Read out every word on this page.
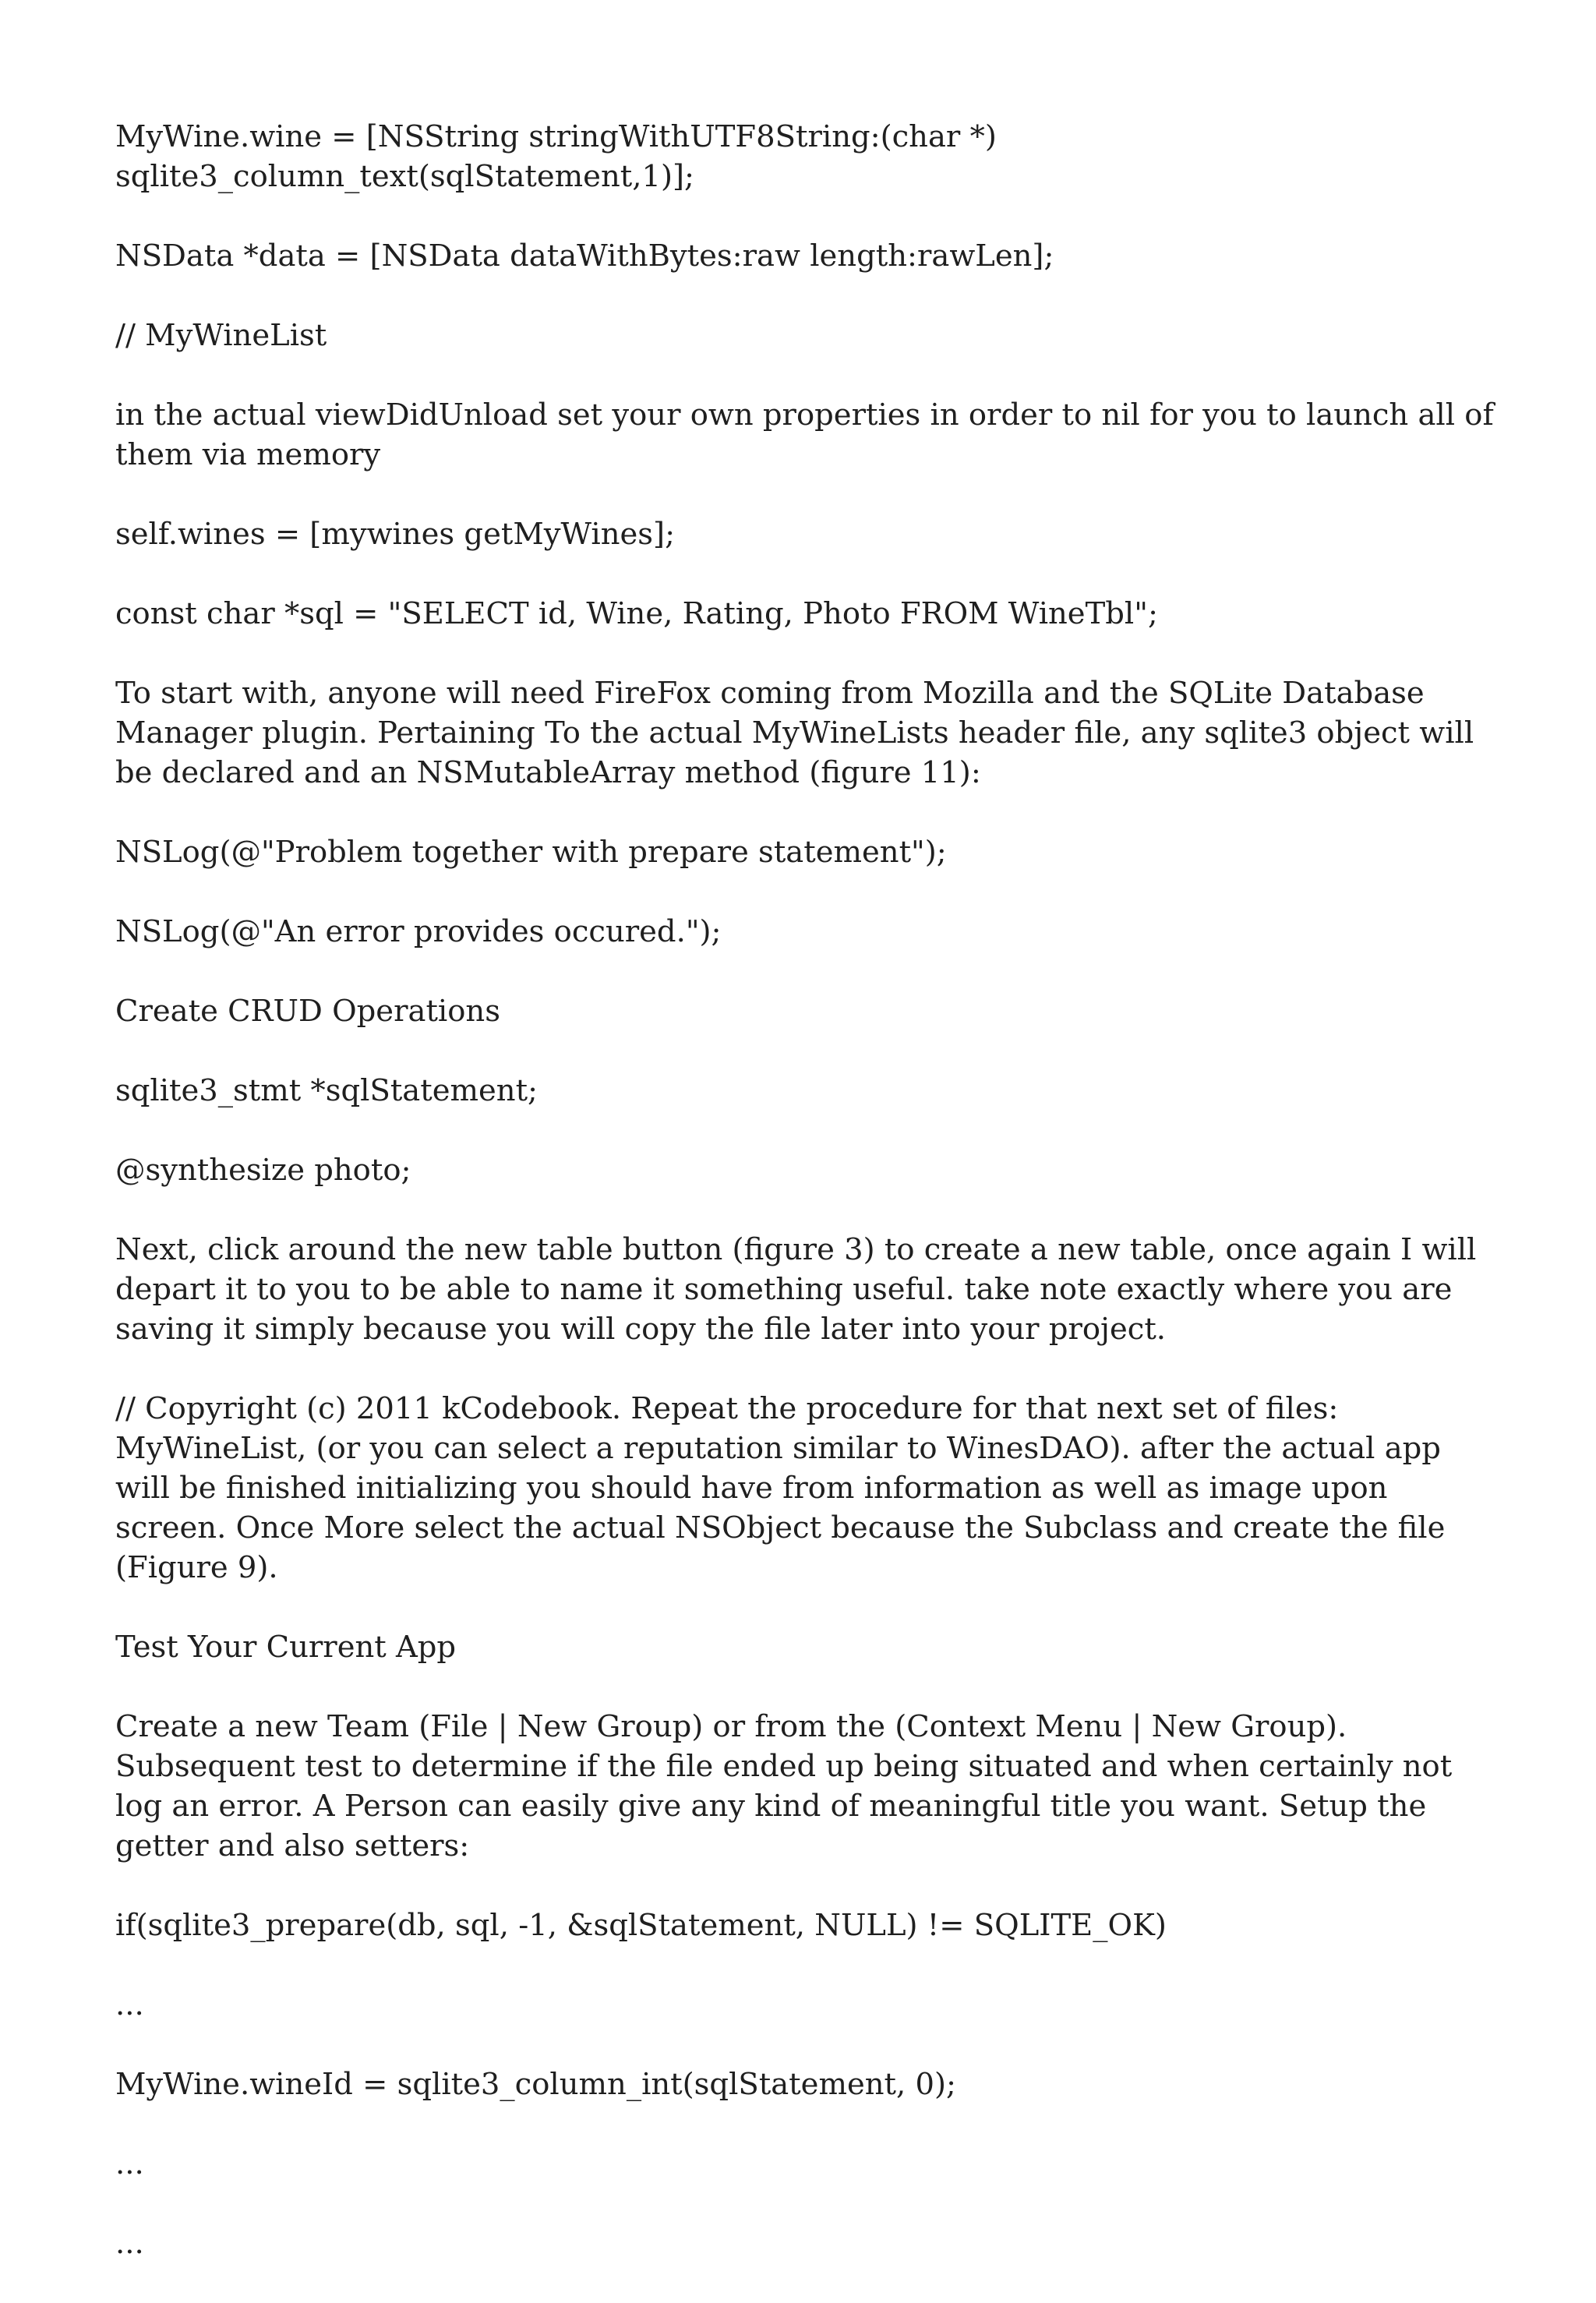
MyWine.wine = [NSString stringWithUTF8String:(char *) sqlite3_column_text(sqlStatement,1)];

NSData *data = [NSData dataWithBytes:raw length:rawLen];

// MyWineList

in the actual viewDidUnload set your own properties in order to nil for you to launch all of them via memory

self.wines = [mywines getMyWines];

const char *sql = "SELECT id, Wine, Rating, Photo FROM WineTbl";

To start with, anyone will need FireFox coming from Mozilla and the SQLite Database Manager plugin. Pertaining To the actual MyWineLists header file, any sqlite3 object will be declared and an NSMutableArray method (figure 11):

NSLog(@"Problem together with prepare statement");

NSLog(@"An error provides occured.");

Create CRUD Operations

sqlite3_stmt *sqlStatement;

@synthesize photo;

Next, click around the new table button (figure 3) to create a new table, once again I will depart it to you to be able to name it something useful. take note exactly where you are saving it simply because you will copy the file later into your project.

// Copyright (c) 2011 kCodebook. Repeat the procedure for that next set of files: MyWineList, (or you can select a reputation similar to WinesDAO). after the actual app will be finished initializing you should have from information as well as image upon screen. Once More select the actual NSObject because the Subclass and create the file (Figure 9).

Test Your Current App

Create a new Team (File | New Group) or from the (Context Menu | New Group). Subsequent test to determine if the file ended up being situated and when certainly not log an error. A Person can easily give any kind of meaningful title you want. Setup the getter and also setters:

if(sqlite3_prepare(db, sql, -1, &sqlStatement, NULL) != SQLITE_OK)

...

MyWine.wineId = sqlite3_column_int(sqlStatement, 0);

...

...
